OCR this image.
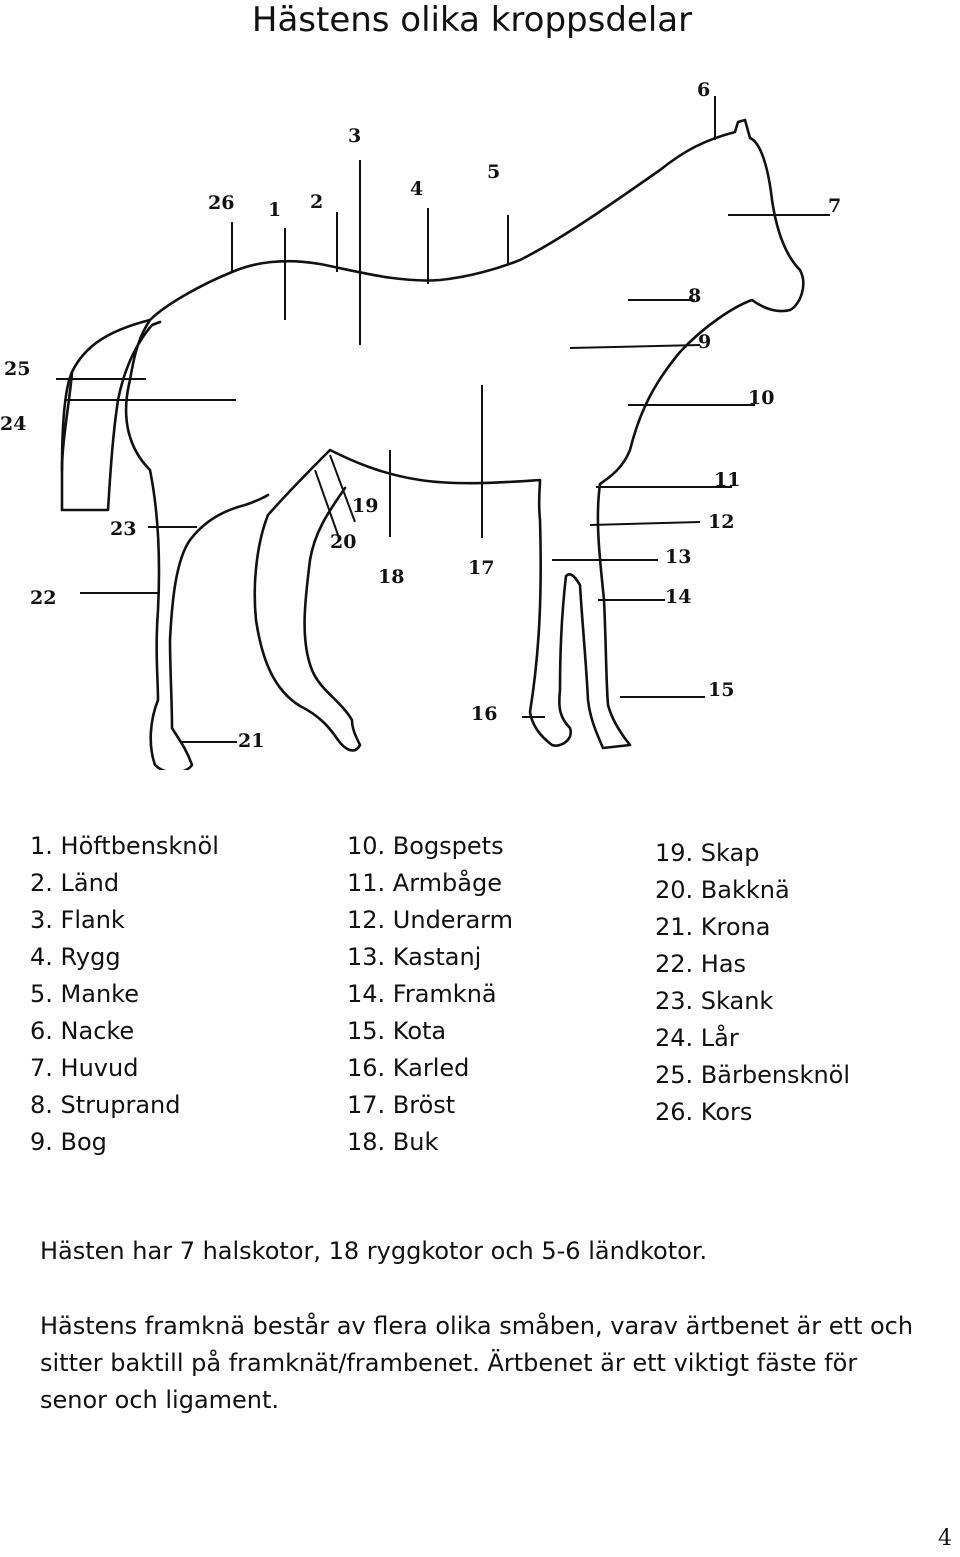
Hästens olika kroppsdelar
1 2
3
4
5
6
7
8
9
10
11
12
13
14
15
16
17
18
19
20
21
22
23
24
25
26
1. Höftbensknöl
2. Länd
3. Flank
4. Rygg
5. Manke
6. Nacke
7. Huvud
8. Struprand
9. Bog
10. Bogspets
11. Armbåge
12. Underarm
13. Kastanj
14. Framknä
15. Kota
16. Karled
17. Bröst
18. Buk
19. Skap
20. Bakknä
21. Krona
22. Has
23. Skank
24. Lår
25. Bärbensknöl
26. Kors
Hästen har 7 halskotor, 18 ryggkotor och 5-6 ländkotor.
Hästens framknä består av flera olika småben, varav ärtbenet är ett och sitter baktill på framknät/frambenet. Ärtbenet är ett viktigt fäste för senor och ligament.
4
